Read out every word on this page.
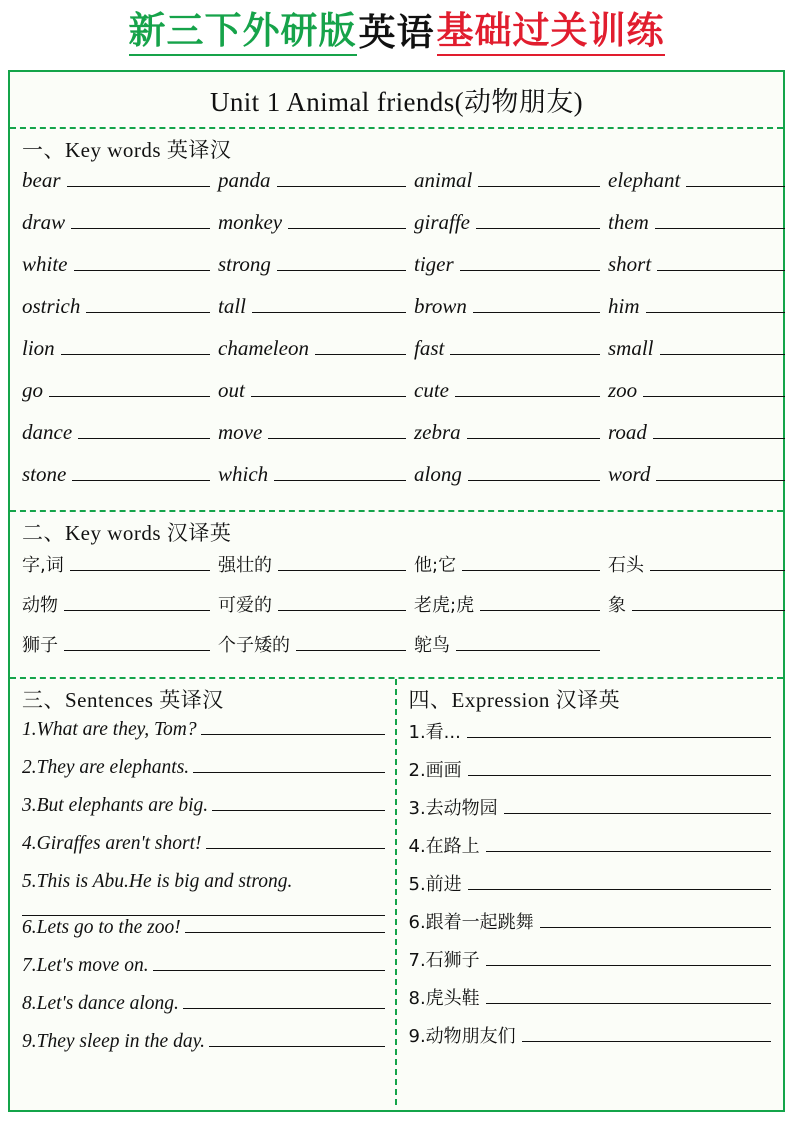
新三下外研版 英语 基础过关训练
Unit 1 Animal friends(动物朋友)
一、Key words 英译汉
bear	panda	animal	elephant
draw	monkey	giraffe	them
white	strong	tiger	short
ostrich	tall	brown	him
lion	chameleon	fast	small
go	out	cute	zoo
dance	move	zebra	road
stone	which	along	word
二、Key words 汉译英
字,词	强壮的	他;它	石头
动物	可爱的	老虎;虎	象
狮子	个子矮的	鸵鸟
三、Sentences 英译汉
1.What are they, Tom?
2.They are elephants.
3.But elephants are big.
4.Giraffes aren't short!
5.This is Abu.He is big and strong.
6.Lets go to the zoo!
7.Let's move on.
8.Let's dance along.
9.They sleep in the day.
四、Expression 汉译英
1.看...
2.画画
3.去动物园
4.在路上
5.前进
6.跟着一起跳舞
7.石狮子
8.虎头鞋
9.动物朋友们
